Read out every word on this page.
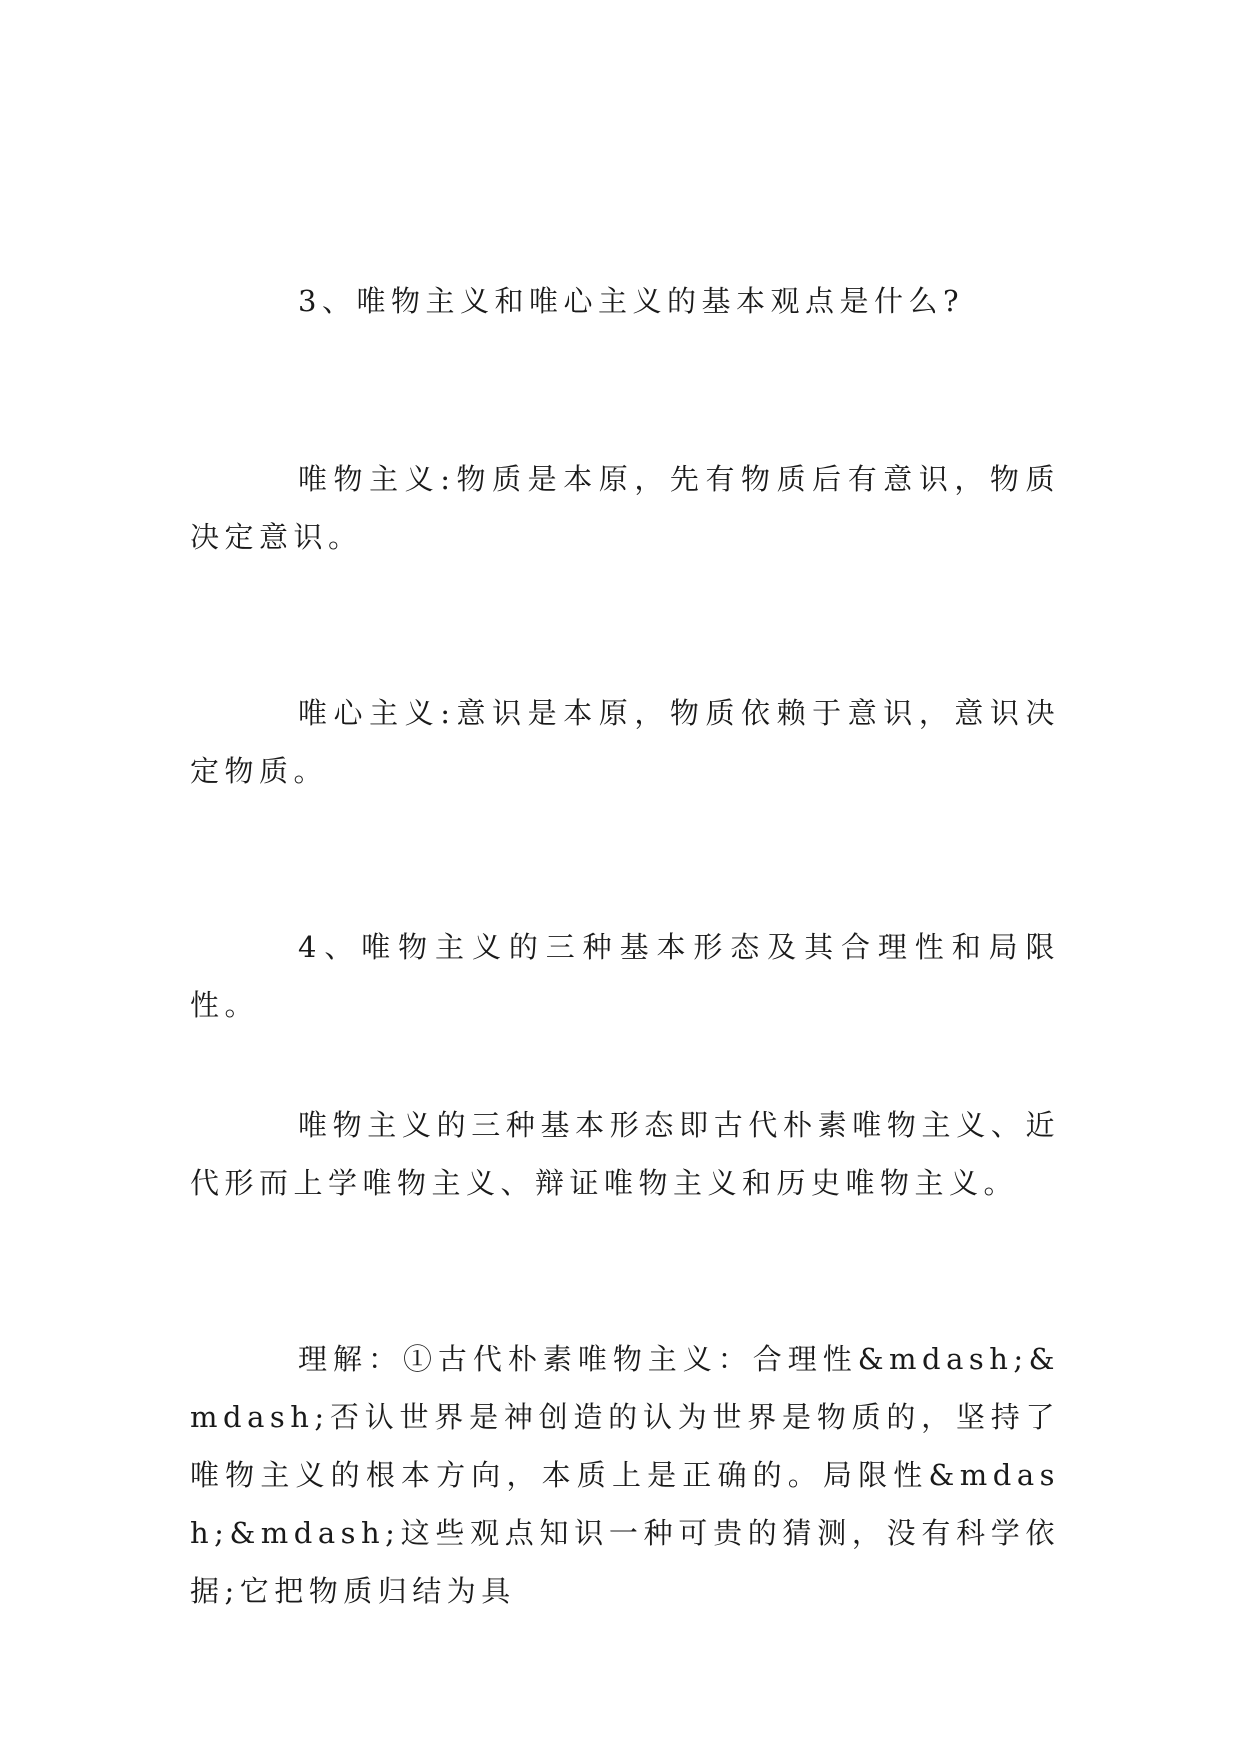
3、唯物主义和唯心主义的基本观点是什么?

唯物主义:物质是本原，先有物质后有意识，物质决定意识。

唯心主义:意识是本原，物质依赖于意识，意识决定物质。

4、唯物主义的三种基本形态及其合理性和局限性。

唯物主义的三种基本形态即古代朴素唯物主义、近代形而上学唯物主义、辩证唯物主义和历史唯物主义。

理解：①古代朴素唯物主义：合理性&mdash;&mdash;否认世界是神创造的认为世界是物质的，坚持了唯物主义的根本方向，本质上是正确的。局限性&mdash;&mdash;这些观点知识一种可贵的猜测，没有科学依据;它把物质归结为具
